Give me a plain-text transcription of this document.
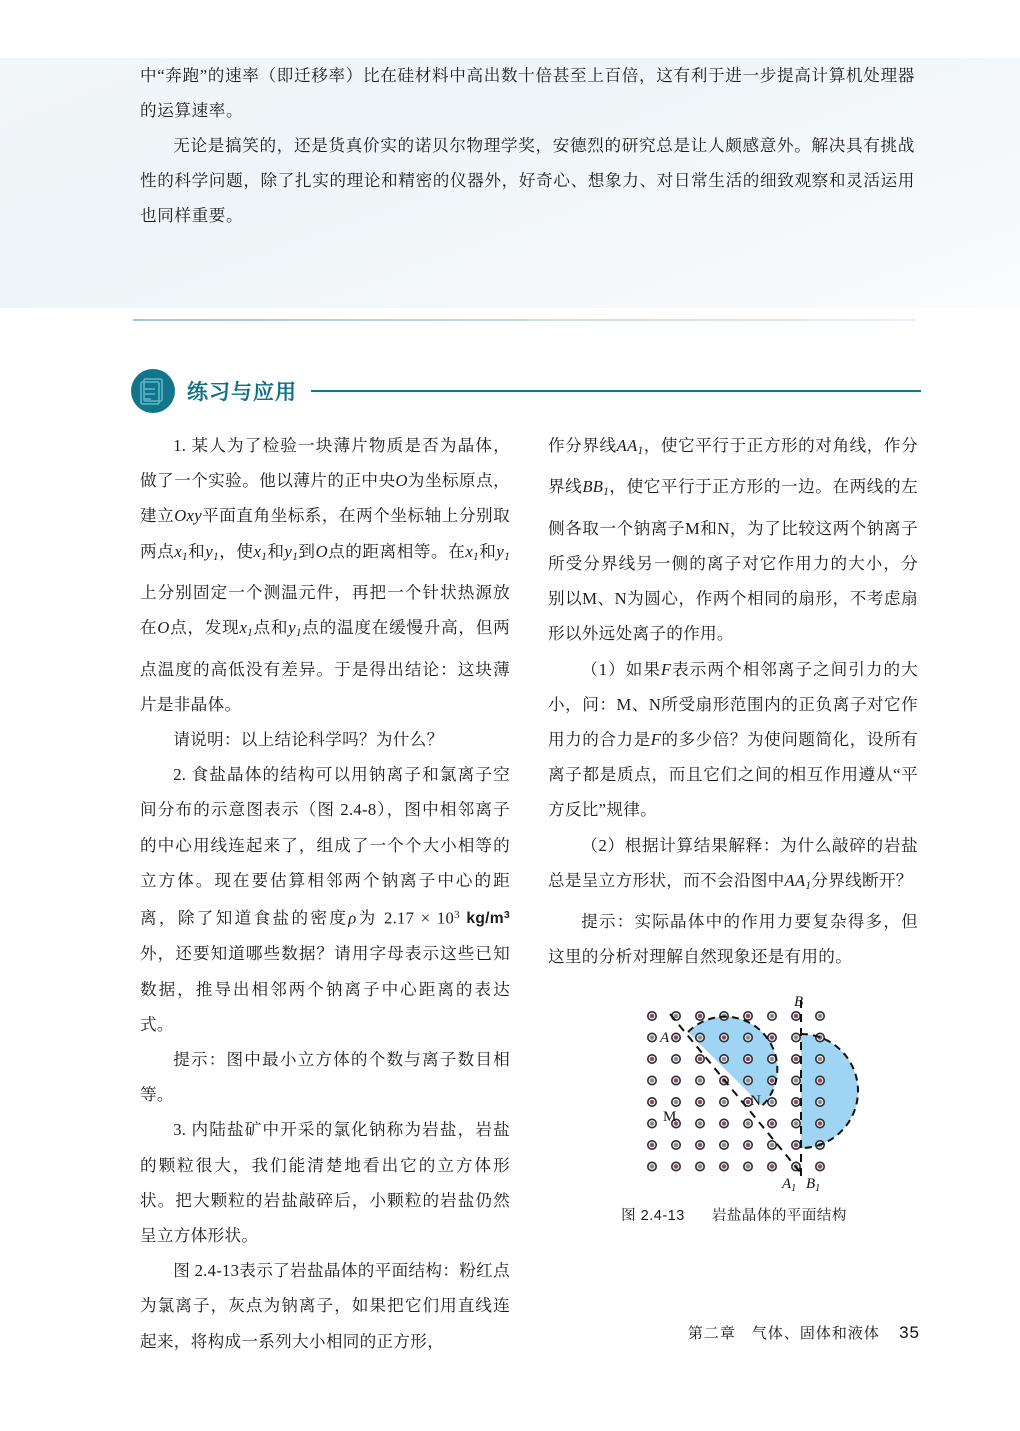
中“奔跑”的速率（即迁移率）比在硅材料中高出数十倍甚至上百倍，这有利于进一步提高计算机处理器的运算速率。

无论是搞笑的，还是货真价实的诺贝尔物理学奖，安德烈的研究总是让人颇感意外。解决具有挑战性的科学问题，除了扎实的理论和精密的仪器外，好奇心、想象力、对日常生活的细致观察和灵活运用也同样重要。

练习与应用

1. 某人为了检验一块薄片物质是否为晶体，做了一个实验。他以薄片的正中央O为坐标原点，建立Oxy平面直角坐标系，在两个坐标轴上分别取两点$x_1$和$y_1$，使$x_1$和$y_1$到O点的距离相等。在$x_1$和$y_1$上分别固定一个测温元件，再把一个针状热源放在O点，发现$x_1$点和$y_1$点的温度在缓慢升高，但两点温度的高低没有差异。于是得出结论：这块薄片是非晶体。

请说明：以上结论科学吗？为什么？

2. 食盐晶体的结构可以用钠离子和氯离子空间分布的示意图表示（图 2.4-8），图中相邻离子的中心用线连起来了，组成了一个个大小相等的立方体。现在要估算相邻两个钠离子中心的距离，除了知道食盐的密度ρ为 $2.17 \times 10^3$ $kg/m^3$ 外，还要知道哪些数据？请用字母表示这些已知数据，推导出相邻两个钠离子中心距离的表达式。

提示：图中最小立方体的个数与离子数目相等。

3. 内陆盐矿中开采的氯化钠称为岩盐，岩盐的颗粒很大，我们能清楚地看出它的立方体形状。把大颗粒的岩盐敲碎后，小颗粒的岩盐仍然呈立方体形状。

图 2.4-13表示了岩盐晶体的平面结构：粉红点为氯离子，灰点为钠离子，如果把它们用直线连起来，将构成一系列大小相同的正方形，

作分界线$AA_1$，使它平行于正方形的对角线，作分界线$BB_1$，使它平行于正方形的一边。在两线的左侧各取一个钠离子M和N，为了比较这两个钠离子所受分界线另一侧的离子对它作用力的大小，分别以M、N为圆心，作两个相同的扇形，不考虑扇形以外远处离子的作用。

（1）如果F表示两个相邻离子之间引力的大小，问：M、N所受扇形范围内的正负离子对它作用力的合力是F的多少倍？为使问题简化，设所有离子都是质点，而且它们之间的相互作用遵从“平方反比”规律。

（2）根据计算结果解释：为什么敲碎的岩盐总是呈立方形状，而不会沿图中$AA_1$分界线断开？

提示：实际晶体中的作用力要复杂得多，但这里的分析对理解自然现象还是有用的。

A
$A_1$
B
$B_1$
M
N
图 2.4-13 岩盐晶体的平面结构
第二章　气体、固体和液体 35
